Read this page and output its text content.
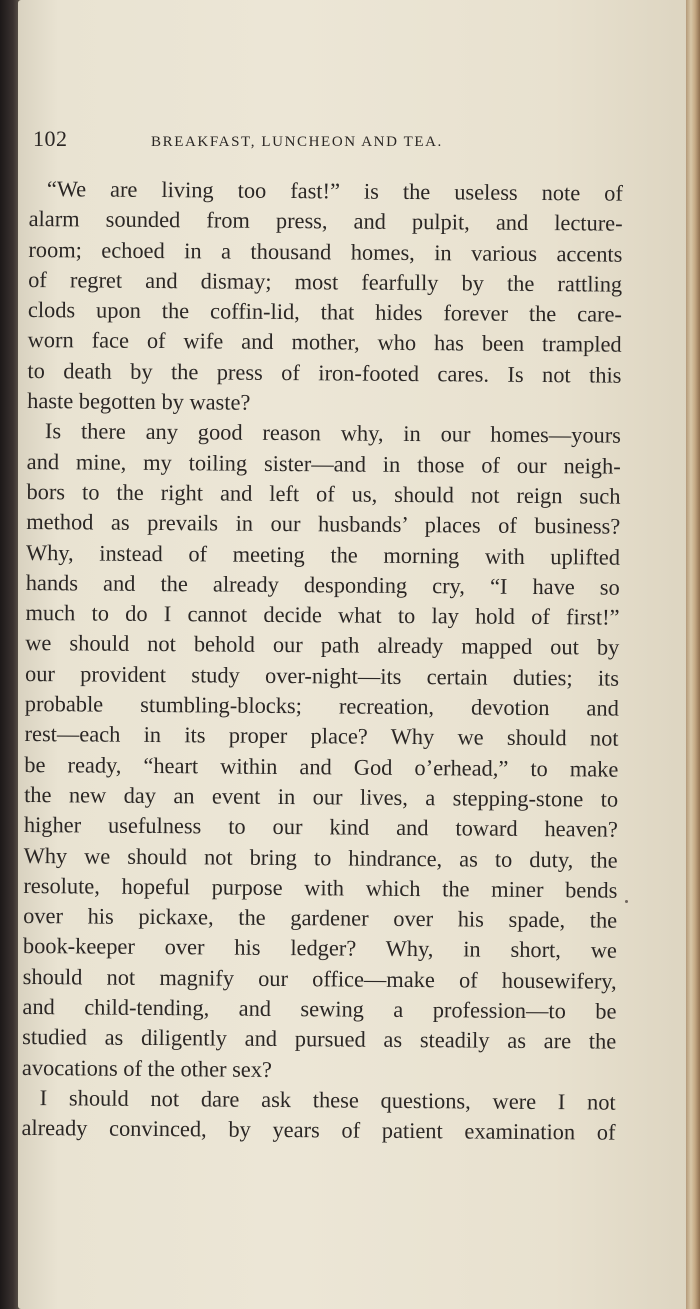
102	BREAKFAST, LUNCHEON AND TEA.
“We are living too fast!” is the useless note of
alarm sounded from press, and pulpit, and lecture-
room; echoed in a thousand homes, in various accents
of regret and dismay; most fearfully by the rattling
clods upon the coffin-lid, that hides forever the care-
worn face of wife and mother, who has been trampled
to death by the press of iron-footed cares. Is not this
haste begotten by waste?
Is there any good reason why, in our homes—yours
and mine, my toiling sister—and in those of our neigh-
bors to the right and left of us, should not reign such
method as prevails in our husbands’ places of business?
Why, instead of meeting the morning with uplifted
hands and the already desponding cry, “I have so
much to do I cannot decide what to lay hold of first!”
we should not behold our path already mapped out by
our provident study over-night—its certain duties; its
probable stumbling-blocks; recreation, devotion and
rest—each in its proper place? Why we should not
be ready, “heart within and God o’erhead,” to make
the new day an event in our lives, a stepping-stone to
higher usefulness to our kind and toward heaven?
Why we should not bring to hindrance, as to duty, the
resolute, hopeful purpose with which the miner bends
over his pickaxe, the gardener over his spade, the
book-keeper over his ledger? Why, in short, we
should not magnify our office—make of housewifery,
and child-tending, and sewing a profession—to be
studied as diligently and pursued as steadily as are the
avocations of the other sex?
I should not dare ask these questions, were I not
already convinced, by years of patient examination of
